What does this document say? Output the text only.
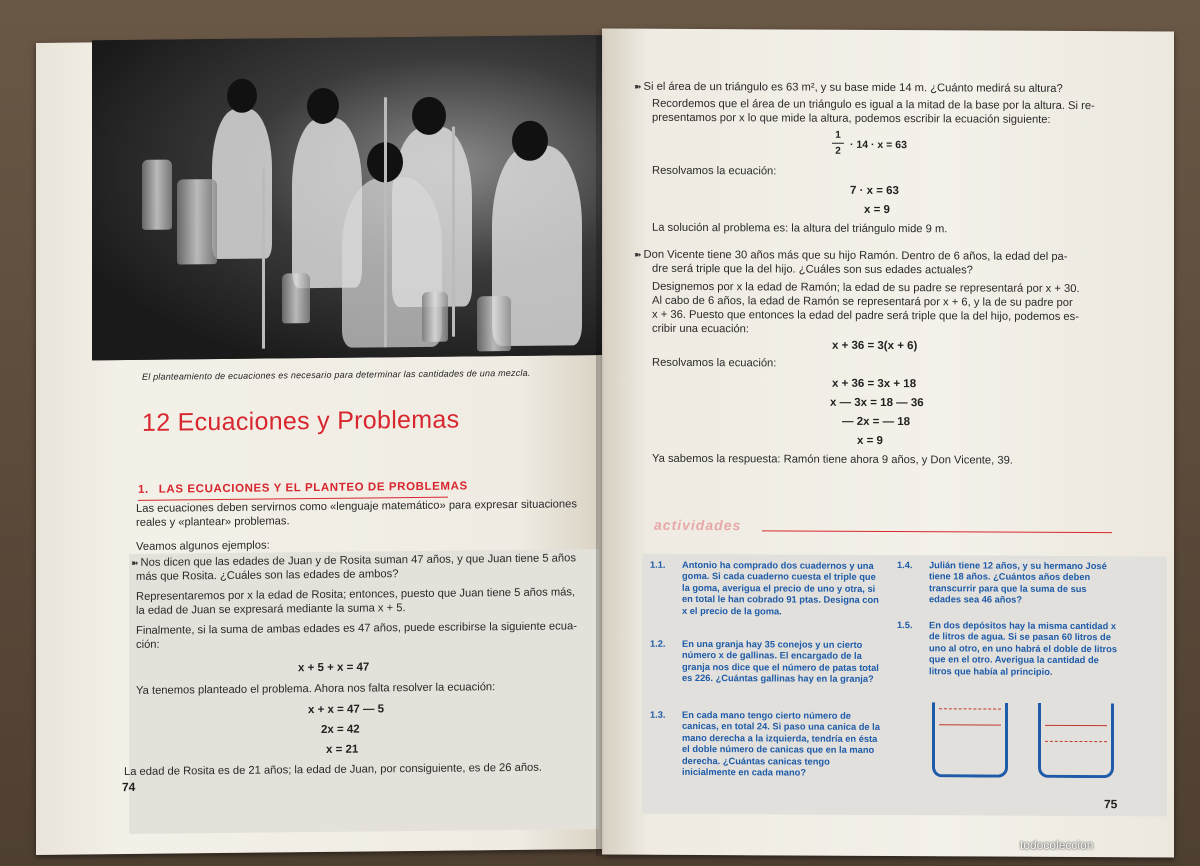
El planteamiento de ecuaciones es necesario para determinar las cantidades de una mezcla.
12 Ecuaciones y Problemas
1. LAS ECUACIONES Y EL PLANTEO DE PROBLEMAS
Las ecuaciones deben servirnos como «lenguaje matemático» para expresar situaciones
reales y «plantear» problemas.
Veamos algunos ejemplos:
➽ Nos dicen que las edades de Juan y de Rosita suman 47 años, y que Juan tiene 5 años
más que Rosita. ¿Cuáles son las edades de ambos?
Representaremos por x la edad de Rosita; entonces, puesto que Juan tiene 5 años más,
la edad de Juan se expresará mediante la suma x + 5.
Finalmente, si la suma de ambas edades es 47 años, puede escribirse la siguiente ecua-
ción:
x + 5 + x = 47
Ya tenemos planteado el problema. Ahora nos falta resolver la ecuación:
x + x = 47 — 5
2x = 42
x = 21
La edad de Rosita es de 21 años; la edad de Juan, por consiguiente, es de 26 años.
74
➽ Si el área de un triángulo es 63 m², y su base mide 14 m. ¿Cuánto medirá su altura?
Recordemos que el área de un triángulo es igual a la mitad de la base por la altura. Si re-
presentamos por x lo que mide la altura, podemos escribir la ecuación siguiente:
1
2
· 14 · x = 63
Resolvamos la ecuación:
7 · x = 63
x = 9
La solución al problema es: la altura del triángulo mide 9 m.
➽ Don Vicente tiene 30 años más que su hijo Ramón. Dentro de 6 años, la edad del pa-
dre será triple que la del hijo. ¿Cuáles son sus edades actuales?
Designemos por x la edad de Ramón; la edad de su padre se representará por x + 30.
Al cabo de 6 años, la edad de Ramón se representará por x + 6, y la de su padre por
x + 36. Puesto que entonces la edad del padre será triple que la del hijo, podemos es-
cribir una ecuación:
x + 36 = 3(x + 6)
Resolvamos la ecuación:
x + 36 = 3x + 18
x — 3x = 18 — 36
— 2x = — 18
x = 9
Ya sabemos la respuesta: Ramón tiene ahora 9 años, y Don Vicente, 39.
actividades
1.1. Antonio ha comprado dos cuadernos y una goma. Si cada cuaderno cuesta el triple que la goma, averigua el precio de uno y otra, si en total le han cobrado 91 ptas. Designa con x el precio de la goma.
1.2. En una granja hay 35 conejos y un cierto número x de gallinas. El encargado de la granja nos dice que el número de patas total es 226. ¿Cuántas gallinas hay en la granja?
1.3. En cada mano tengo cierto número de canicas, en total 24. Si paso una canica de la mano derecha a la izquierda, tendría en ésta el doble número de canicas que en la mano derecha. ¿Cuántas canicas tengo inicialmente en cada mano?
1.4. Julián tiene 12 años, y su hermano José tiene 18 años. ¿Cuántos años deben transcurrir para que la suma de sus edades sea 46 años?
1.5. En dos depósitos hay la misma cantidad x de litros de agua. Si se pasan 60 litros de uno al otro, en uno habrá el doble de litros que en el otro. Averigua la cantidad de litros que había al principio.
75
todocoleccion
